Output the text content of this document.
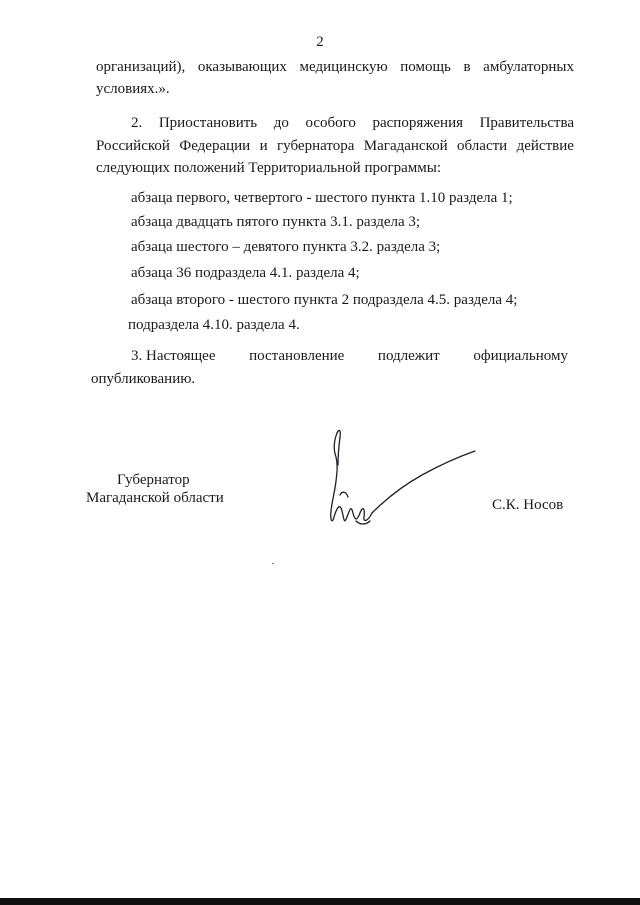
2
организаций), оказывающих медицинскую помощь в амбулаторных
условиях.».
2. Приостановить до особого распоряжения Правительства
Российской Федерации и губернатора Магаданской области действие
следующих положений Территориальной программы:
абзаца первого, четвертого - шестого пункта 1.10 раздела 1;
абзаца двадцать пятого пункта 3.1. раздела 3;
абзаца шестого – девятого пункта 3.2. раздела 3;
абзаца 36 подраздела 4.1. раздела 4;
абзаца второго - шестого пункта 2 подраздела 4.5. раздела 4;
подраздела 4.10. раздела 4.
3. Настоящее постановление подлежит официальному
опубликованию.
Губернатор
Магаданской области	С.К. Носов
